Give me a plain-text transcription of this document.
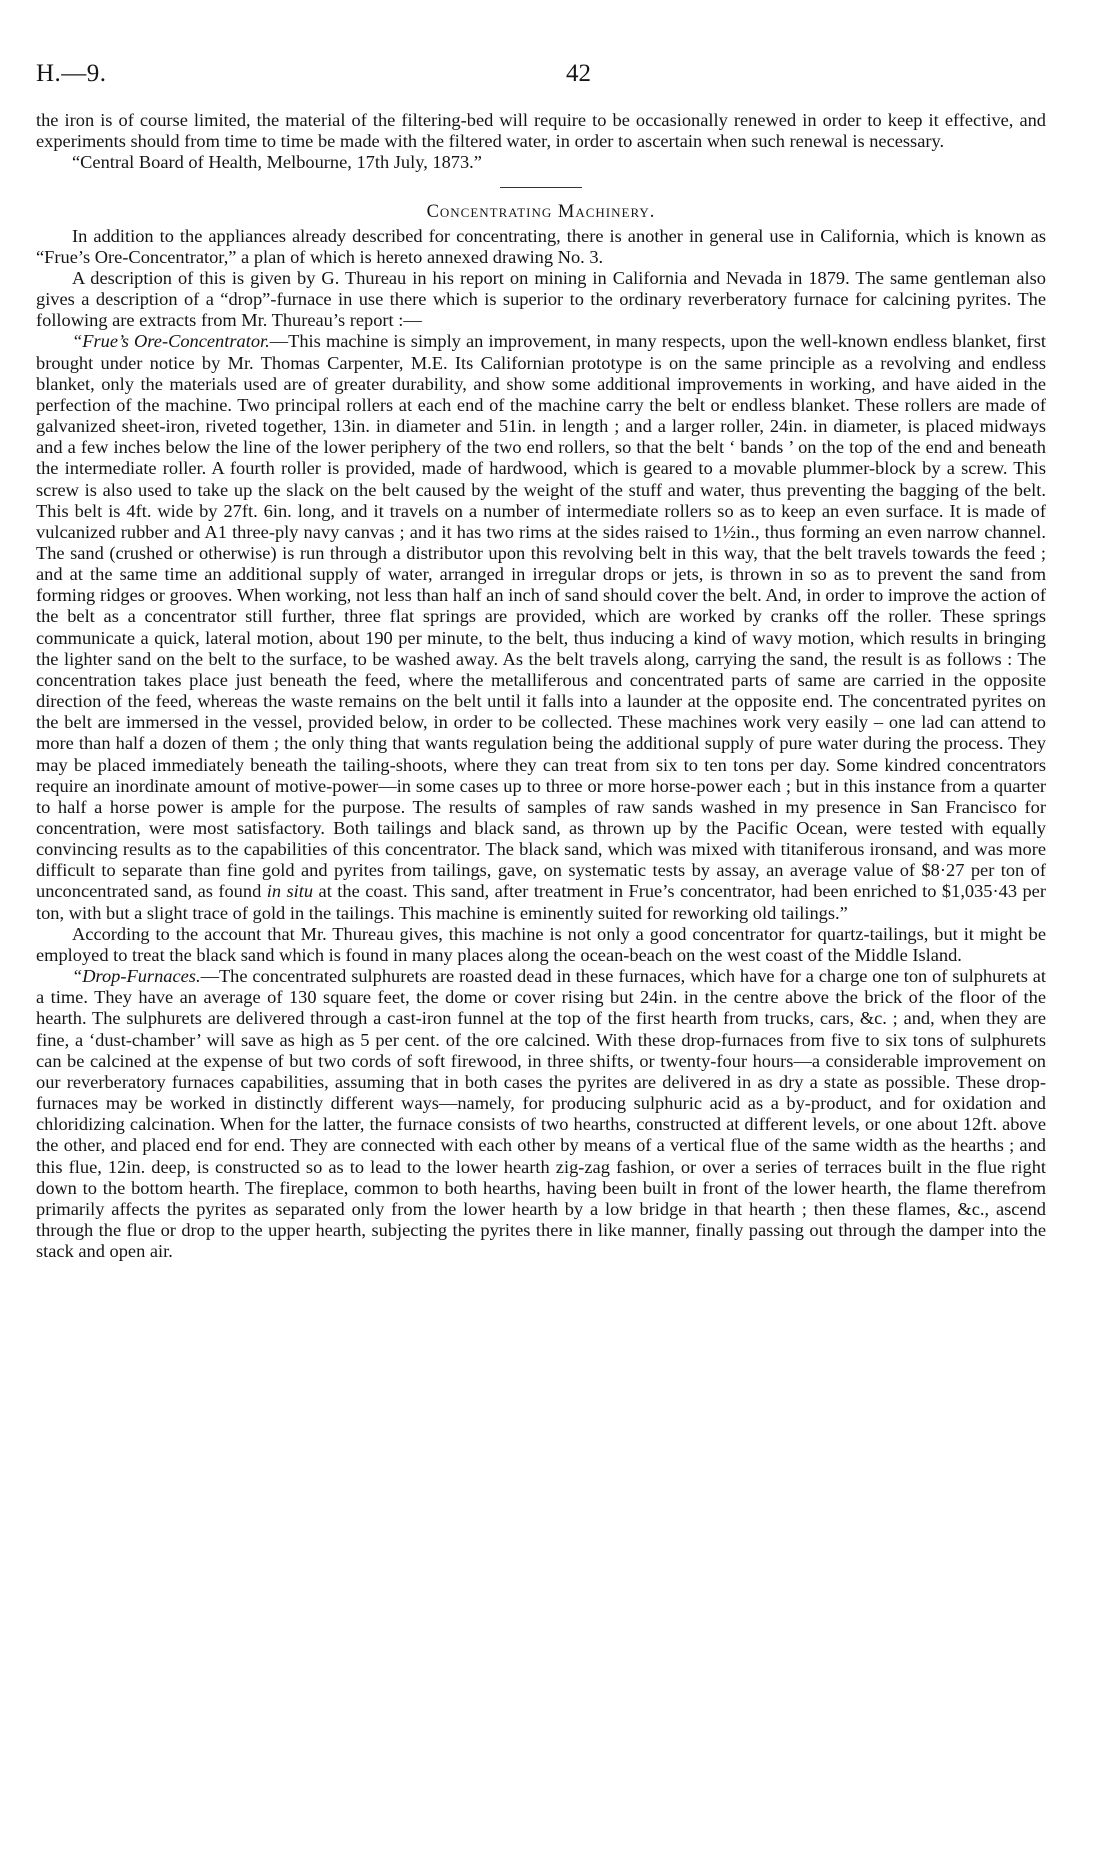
H.—9.	42

the iron is of course limited, the material of the filtering-bed will require to be occasionally renewed in order to keep it effective, and experiments should from time to time be made with the filtered water, in order to ascertain when such renewal is necessary.

“Central Board of Health, Melbourne, 17th July, 1873.”

Concentrating Machinery.

In addition to the appliances already described for concentrating, there is another in general use in California, which is known as “Frue’s Ore-Concentrator,” a plan of which is hereto annexed drawing No. 3.

A description of this is given by G. Thureau in his report on mining in California and Nevada in 1879. The same gentleman also gives a description of a “drop”-furnace in use there which is superior to the ordinary reverberatory furnace for calcining pyrites. The following are extracts from Mr. Thureau’s report :—

“Frue’s Ore-Concentrator.—This machine is simply an improvement, in many respects, upon the well-known endless blanket, first brought under notice by Mr. Thomas Carpenter, M.E. Its Californian prototype is on the same principle as a revolving and endless blanket, only the materials used are of greater durability, and show some additional improvements in working, and have aided in the perfection of the machine. Two principal rollers at each end of the machine carry the belt or endless blanket. These rollers are made of galvanized sheet-iron, riveted together, 13in. in diameter and 51in. in length ; and a larger roller, 24in. in diameter, is placed midways and a few inches below the line of the lower periphery of the two end rollers, so that the belt ‘ bands ’ on the top of the end and beneath the intermediate roller. A fourth roller is provided, made of hardwood, which is geared to a movable plummer-block by a screw. This screw is also used to take up the slack on the belt caused by the weight of the stuff and water, thus preventing the bagging of the belt. This belt is 4ft. wide by 27ft. 6in. long, and it travels on a number of intermediate rollers so as to keep an even surface. It is made of vulcanized rubber and A1 three-ply navy canvas ; and it has two rims at the sides raised to 1½in., thus forming an even narrow channel. The sand (crushed or otherwise) is run through a distributor upon this revolving belt in this way, that the belt travels towards the feed ; and at the same time an additional supply of water, arranged in irregular drops or jets, is thrown in so as to prevent the sand from forming ridges or grooves. When working, not less than half an inch of sand should cover the belt. And, in order to improve the action of the belt as a concentrator still further, three flat springs are provided, which are worked by cranks off the roller. These springs communicate a quick, lateral motion, about 190 per minute, to the belt, thus inducing a kind of wavy motion, which results in bringing the lighter sand on the belt to the surface, to be washed away. As the belt travels along, carrying the sand, the result is as follows : The concentration takes place just beneath the feed, where the metalliferous and concentrated parts of same are carried in the opposite direction of the feed, whereas the waste remains on the belt until it falls into a launder at the opposite end. The concentrated pyrites on the belt are immersed in the vessel, provided below, in order to be collected. These machines work very easily – one lad can attend to more than half a dozen of them ; the only thing that wants regulation being the additional supply of pure water during the process. They may be placed immediately beneath the tailing-shoots, where they can treat from six to ten tons per day. Some kindred concentrators require an inordinate amount of motive-power—in some cases up to three or more horse-power each ; but in this instance from a quarter to half a horse power is ample for the purpose. The results of samples of raw sands washed in my presence in San Francisco for concentration, were most satisfactory. Both tailings and black sand, as thrown up by the Pacific Ocean, were tested with equally convincing results as to the capabilities of this concentrator. The black sand, which was mixed with titaniferous ironsand, and was more difficult to separate than fine gold and pyrites from tailings, gave, on systematic tests by assay, an average value of $8·27 per ton of unconcentrated sand, as found in situ at the coast. This sand, after treatment in Frue’s concentrator, had been enriched to $1,035·43 per ton, with but a slight trace of gold in the tailings. This machine is eminently suited for reworking old tailings.”

According to the account that Mr. Thureau gives, this machine is not only a good concentrator for quartz-tailings, but it might be employed to treat the black sand which is found in many places along the ocean-beach on the west coast of the Middle Island.

“Drop-Furnaces.—The concentrated sulphurets are roasted dead in these furnaces, which have for a charge one ton of sulphurets at a time. They have an average of 130 square feet, the dome or cover rising but 24in. in the centre above the brick of the floor of the hearth. The sulphurets are delivered through a cast-iron funnel at the top of the first hearth from trucks, cars, &c. ; and, when they are fine, a ‘dust-chamber’ will save as high as 5 per cent. of the ore calcined. With these drop-furnaces from five to six tons of sulphurets can be calcined at the expense of but two cords of soft firewood, in three shifts, or twenty-four hours—a considerable improvement on our reverberatory furnaces capabilities, assuming that in both cases the pyrites are delivered in as dry a state as possible. These drop-furnaces may be worked in distinctly different ways—namely, for producing sulphuric acid as a by-product, and for oxidation and chloridizing calcination. When for the latter, the furnace consists of two hearths, constructed at different levels, or one about 12ft. above the other, and placed end for end. They are connected with each other by means of a vertical flue of the same width as the hearths ; and this flue, 12in. deep, is constructed so as to lead to the lower hearth zig-zag fashion, or over a series of terraces built in the flue right down to the bottom hearth. The fireplace, common to both hearths, having been built in front of the lower hearth, the flame therefrom primarily affects the pyrites as separated only from the lower hearth by a low bridge in that hearth ; then these flames, &c., ascend through the flue or drop to the upper hearth, subjecting the pyrites there in like manner, finally passing out through the damper into the stack and open air.
